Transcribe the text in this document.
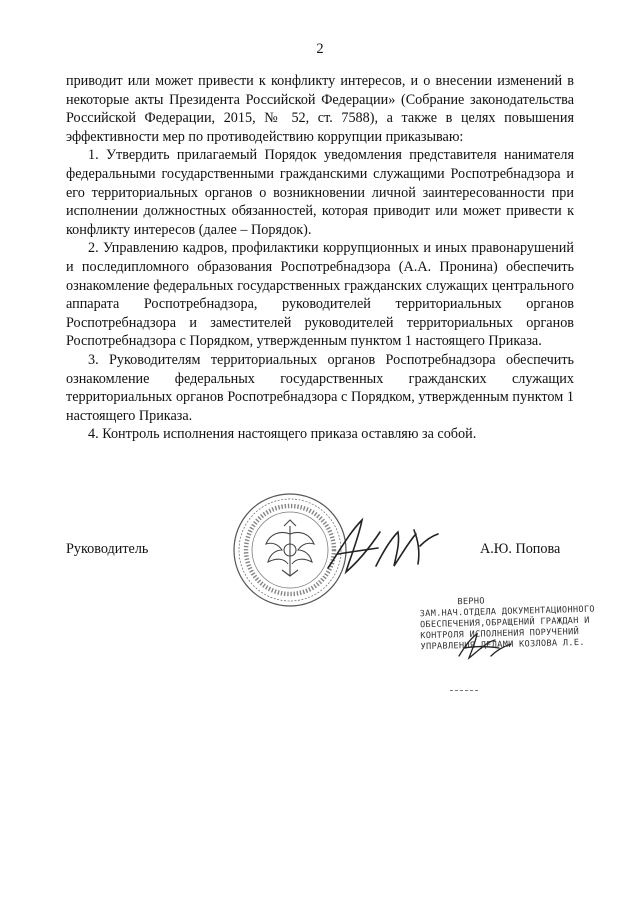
2

приводит или может привести к конфликту интересов, и о внесении изменений в некоторые акты Президента Российской Федерации» (Собрание законодательства Российской Федерации, 2015, № 52, ст. 7588), а также в целях повышения эффективности мер по противодействию коррупции приказываю:

1. Утвердить прилагаемый Порядок уведомления представителя нанимателя федеральными государственными гражданскими служащими Роспотребнадзора и его территориальных органов о возникновении личной заинтересованности при исполнении должностных обязанностей, которая приводит или может привести к конфликту интересов (далее – Порядок).

2. Управлению кадров, профилактики коррупционных и иных правонарушений и последипломного образования Роспотребнадзора (А.А. Пронина) обеспечить ознакомление федеральных государственных гражданских служащих центрального аппарата Роспотребнадзора, руководителей территориальных органов Роспотребнадзора и заместителей руководителей территориальных органов Роспотребнадзора с Порядком, утвержденным пунктом 1 настоящего Приказа.

3. Руководителям территориальных органов Роспотребнадзора обеспечить ознакомление федеральных государственных гражданских служащих территориальных органов Роспотребнадзора с Порядком, утвержденным пунктом 1 настоящего Приказа.

4. Контроль исполнения настоящего приказа оставляю за собой.

Руководитель	А.Ю. Попова
ВЕРНО
ЗАМ.НАЧ.ОТДЕЛА ДОКУМЕНТАЦИОННОГО
ОБЕСПЕЧЕНИЯ,ОБРАЩЕНИЙ ГРАЖДАН И
КОНТРОЛЯ ИСПОЛНЕНИЯ ПОРУЧЕНИЙ
УПРАВЛЕНИЯ ДЕЛАМИ КОЗЛОВА Л.Е.
